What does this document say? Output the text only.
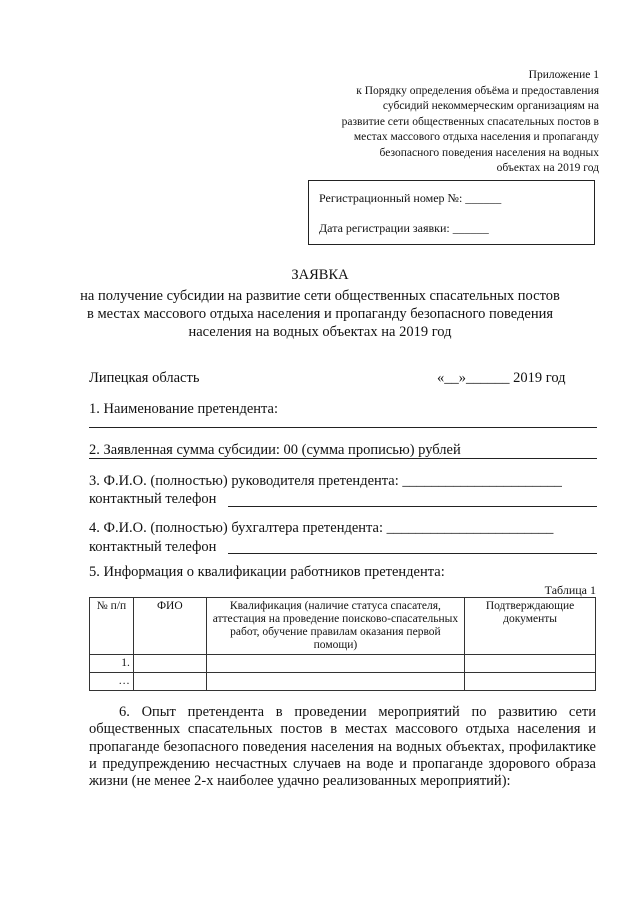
Приложение 1
к Порядку определения объёма и предоставления
субсидий некоммерческим организациям на
развитие сети общественных спасательных постов в
местах массового отдыха населения и пропаганду
безопасного поведения населения на водных
объектах на 2019 год
Регистрационный номер №: ______
Дата регистрации заявки: ______
ЗАЯВКА
на получение субсидии на развитие сети общественных спасательных постов
в местах массового отдыха населения и пропаганду безопасного поведения
населения на водных объектах на 2019 год
Липецкая область	«__»______ 2019 год
1. Наименование претендента:
2. Заявленная сумма субсидии: 00 (сумма прописью) рублей
3. Ф.И.О. (полностью) руководителя претендента: ______________________
контактный телефон
4. Ф.И.О. (полностью) бухгалтера претендента: _______________________
контактный телефон
5. Информация о квалификации работников претендента:
Таблица 1
№ п/п	ФИО	Квалификация (наличие статуса спасателя, аттестация на проведение поисково-спасательных работ, обучение правилам оказания первой помощи)	Подтверждающие документы
1.			
…			
6. Опыт претендента в проведении мероприятий по развитию сети общественных спасательных постов в местах массового отдыха населения и пропаганде безопасного поведения населения на водных объектах, профилактике и предупреждению несчастных случаев на воде и пропаганде здорового образа жизни (не менее 2-х наиболее удачно реализованных мероприятий):
